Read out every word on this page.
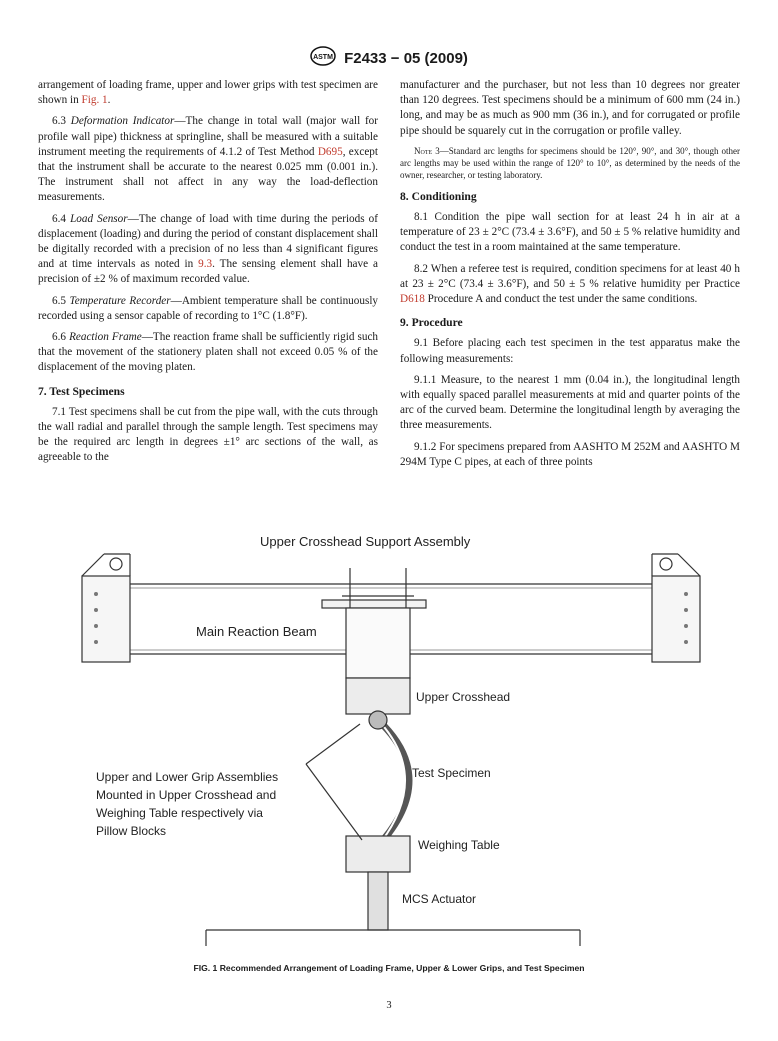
ASTM F2433 − 05 (2009)

arrangement of loading frame, upper and lower grips with test specimen are shown in Fig. 1.

6.3 Deformation Indicator—The change in total wall (major wall for profile wall pipe) thickness at springline, shall be measured with a suitable instrument meeting the requirements of 4.1.2 of Test Method D695, except that the instrument shall be accurate to the nearest 0.025 mm (0.001 in.). The instrument shall not affect in any way the load-deflection measurements.

6.4 Load Sensor—The change of load with time during the periods of displacement (loading) and during the period of constant displacement shall be digitally recorded with a precision of no less than 4 significant figures and at time intervals as noted in 9.3. The sensing element shall have a precision of ±2 % of maximum recorded value.

6.5 Temperature Recorder—Ambient temperature shall be continuously recorded using a sensor capable of recording to 1°C (1.8°F).

6.6 Reaction Frame—The reaction frame shall be sufficiently rigid such that the movement of the stationery platen shall not exceed 0.05 % of the displacement of the moving platen.

7. Test Specimens

7.1 Test specimens shall be cut from the pipe wall, with the cuts through the wall radial and parallel through the sample length. Test specimens may be the required arc length in degrees ±1° arc sections of the wall, as agreeable to the

manufacturer and the purchaser, but not less than 10 degrees nor greater than 120 degrees. Test specimens should be a minimum of 600 mm (24 in.) long, and may be as much as 900 mm (36 in.), and for corrugated or profile pipe should be squarely cut in the corrugation or profile valley.

Note 3—Standard arc lengths for specimens should be 120°, 90°, and 30°, though other arc lengths may be used within the range of 120° to 10°, as determined by the needs of the owner, researcher, or testing laboratory.

8. Conditioning

8.1 Condition the pipe wall section for at least 24 h in air at a temperature of 23 ± 2°C (73.4 ± 3.6°F), and 50 ± 5 % relative humidity and conduct the test in a room maintained at the same temperature.

8.2 When a referee test is required, condition specimens for at least 40 h at 23 ± 2°C (73.4 ± 3.6°F), and 50 ± 5 % relative humidity per Practice D618 Procedure A and conduct the test under the same conditions.

9. Procedure

9.1 Before placing each test specimen in the test apparatus make the following measurements:

9.1.1 Measure, to the nearest 1 mm (0.04 in.), the longitudinal length with equally spaced parallel measurements at mid and quarter points of the arc of the curved beam. Determine the longitudinal length by averaging the three measurements.

9.1.2 For specimens prepared from AASHTO M 252M and AASHTO M 294M Type C pipes, at each of three points

Upper Crosshead Support Assembly
Main Reaction Beam
Upper Crosshead
Test Specimen
Upper and Lower Grip Assemblies
Mounted in Upper Crosshead and
Weighing Table respectively via
Pillow Blocks
Weighing Table
MCS Actuator
FIG. 1 Recommended Arrangement of Loading Frame, Upper & Lower Grips, and Test Specimen
3
